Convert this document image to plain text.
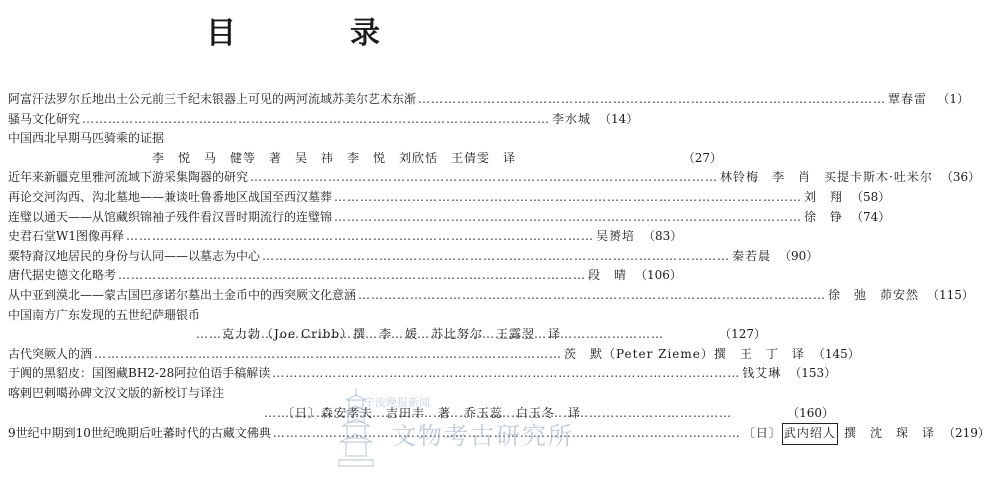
目　录
阿富汗法罗尔丘地出土公元前三千纪末银器上可见的两河流域苏美尔艺术东渐 ………………………………………………………………………………………………	覃春雷 （1）
骚马文化研究 ………………………………………………………………………………………………	李水城 （14）
中国西北早期马匹骑乘的证据
李　悦　马　健等　著　吴　祎　李　悦　刘欣恬　王倩雯　译	（27）
近年来新疆克里雅河流域下游采集陶器的研究 ………………………………………………………………………………………………	林铃梅　李　肖　买提卡斯木·吐米尔 （36）
再论交河沟西、沟北墓地——兼谈吐鲁番地区战国至西汉墓葬 ………………………………………………………………………………………………	刘　翔 （58）
连璧以通天——从馆藏织锦袖子残件看汉晋时期流行的连璧锦 ………………………………………………………………………………………………	徐　铮 （74）
史君石堂W1图像再释 ………………………………………………………………………………………………	吴赟培 （83）
粟特裔汉地居民的身份与认同——以墓志为中心 ………………………………………………………………………………………………	秦若晨 （90）
唐代据史德文化略考 ………………………………………………………………………………………………	段　晴 （106）
从中亚到漠北——蒙古国巴彦诺尔墓出土金币中的西突厥文化意涵 ………………………………………………………………………………………………	徐　弛　茆安然 （115）
中国南方广东发现的五世纪萨珊银币
………………………………………………………………………………………………
克力勃（Joe Cribb）撰　李　媛　苏比努尔　王露翌　译	（127）
古代突厥人的酒 ………………………………………………………………………………………………	茨　默（Peter Zieme）撰　王　丁　译 （145）
于阗的黑貂皮：国图藏BH2-28阿拉伯语手稿解读 ………………………………………………………………………………………………	钱艾琳 （153）
喀剌巴剌噶孙碑文汉文版的新校订与译注
………………………………………………………………………………………………
〔日〕森安孝夫　吉田丰　著　乔玉蕊　白玉冬　译	（160）
9世纪中期到10世纪晚期后吐蕃时代的古藏文佛典 ………………………………………………………………………………………………	〔日〕 武内绍人 撰　沈　琛　译 （219）
宁波晚报新闻
文物考古研究所
